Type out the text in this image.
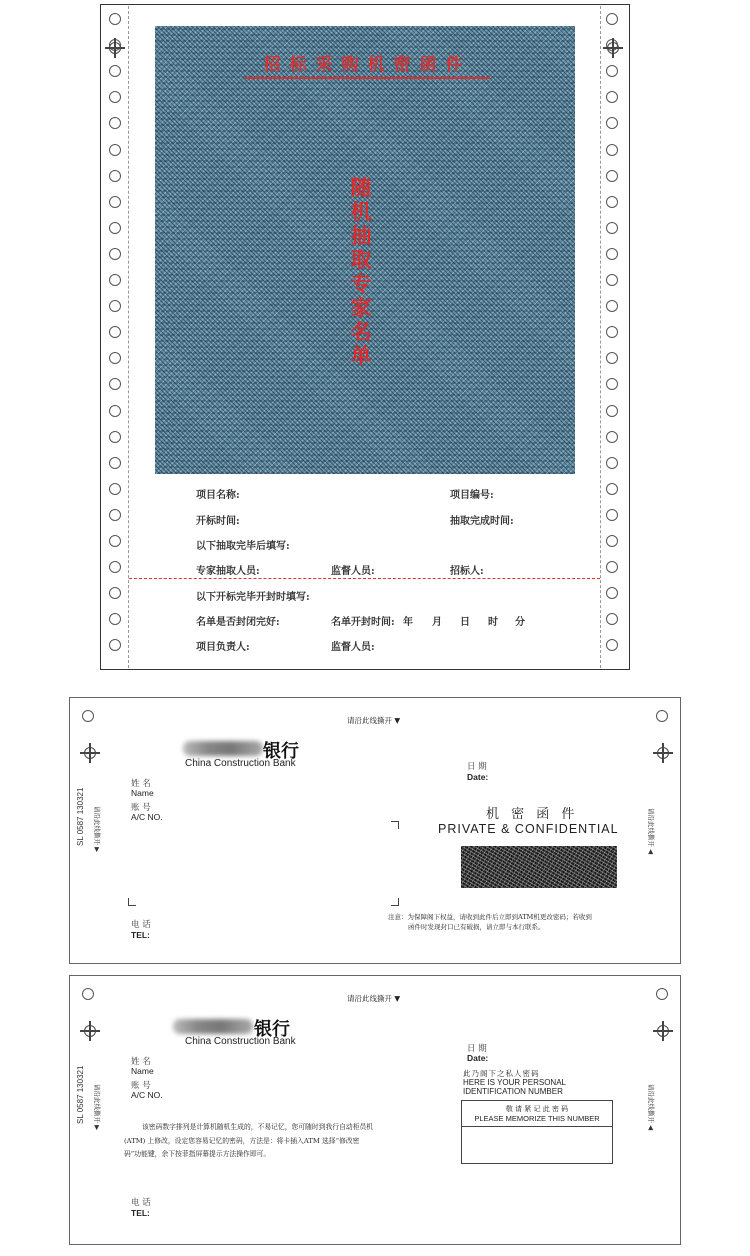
招标采购机密函件
随机抽取专家名单
项目名称:	项目编号:
开标时间:	抽取完成时间:
以下抽取完毕后填写:
专家抽取人员:	监督人员:	招标人:
以下开标完毕开封时填写:
名单是否封闭完好:	名单开封时间: 年 月 日 时 分
项目负责人:	监督人员:
请沿此线撕开 ▼
银行
China Construction Bank
SL 0587 130321 请沿此线撕开 ▶	请沿此线撕开 ◀
姓 名
Name
账 号
A/C NO.
电 话
TEL:
日 期
Date:
机 密 函 件
PRIVATE & CONFIDENTIAL
注意：为保障阁下权益，请收到此件后立即到ATM机更改密码；若收到
函件时发现封口已有破损，请立即与本行联系。
请沿此线撕开 ▼
银行
China Construction Bank
SL 0587 130321 请沿此线撕开 ▶	请沿此线撕开 ◀
姓 名
Name
账 号
A/C NO.
该密码数字排列是计算机随机生成的，不易记忆，您可随时到我行自动柜员机
(ATM) 上修改，设定您容易记忆的密码，方法是：将卡插入ATM 选择“修改密
码”功能键，余下按菲指屏幕提示方法操作即可。
电 话
TEL:
日 期
Date:
此乃阁下之私人密码
HERE IS YOUR PERSONAL
IDENTIFICATION NUMBER
敬 请 紧 记 此 密 码
PLEASE MEMORIZE THIS NUMBER
